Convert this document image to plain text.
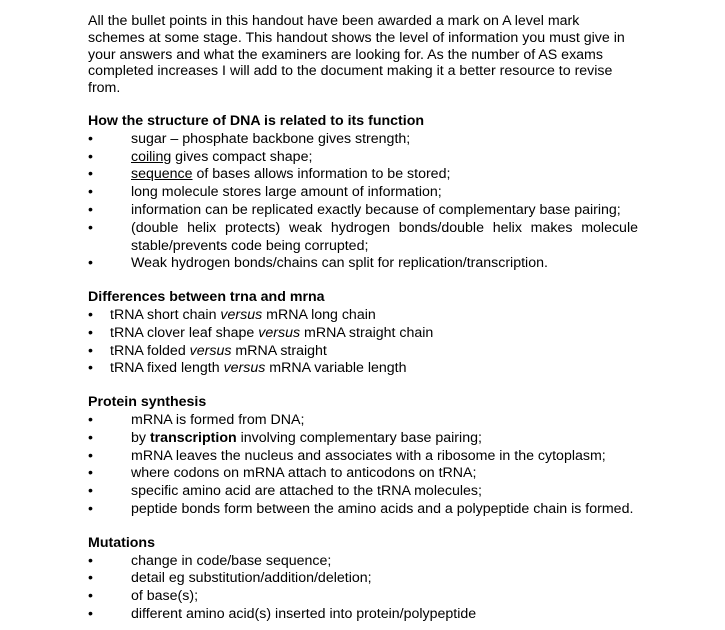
All the bullet points in this handout have been awarded a mark on A level mark schemes at some stage. This handout shows the level of information you must give in your answers and what the examiners are looking for. As the number of AS exams completed increases I will add to the document making it a better resource to revise from.

How the structure of DNA is related to its function

•	sugar – phosphate backbone gives strength;
•	coiling gives compact shape;
•	sequence of bases allows information to be stored;
•	long molecule stores large amount of information;
•	information can be replicated exactly because of complementary base pairing;
•	(double helix protects) weak hydrogen bonds/double helix makes molecule stable/prevents code being corrupted;
•	Weak hydrogen bonds/chains can split for replication/transcription.

Differences between trna and mrna

• tRNA short chain versus mRNA long chain
• tRNA clover leaf shape versus mRNA straight chain
• tRNA folded versus mRNA straight
• tRNA fixed length versus mRNA variable length

Protein synthesis

•	mRNA is formed from DNA;
•	by transcription involving complementary base pairing;
•	mRNA leaves the nucleus and associates with a ribosome in the cytoplasm;
•	where codons on mRNA attach to anticodons on tRNA;
•	specific amino acid are attached to the tRNA molecules;
•	peptide bonds form between the amino acids and a polypeptide chain is formed.

Mutations

•	change in code/base sequence;
•	detail eg substitution/addition/deletion;
•	of base(s);
•	different amino acid(s) inserted into protein/polypeptide
